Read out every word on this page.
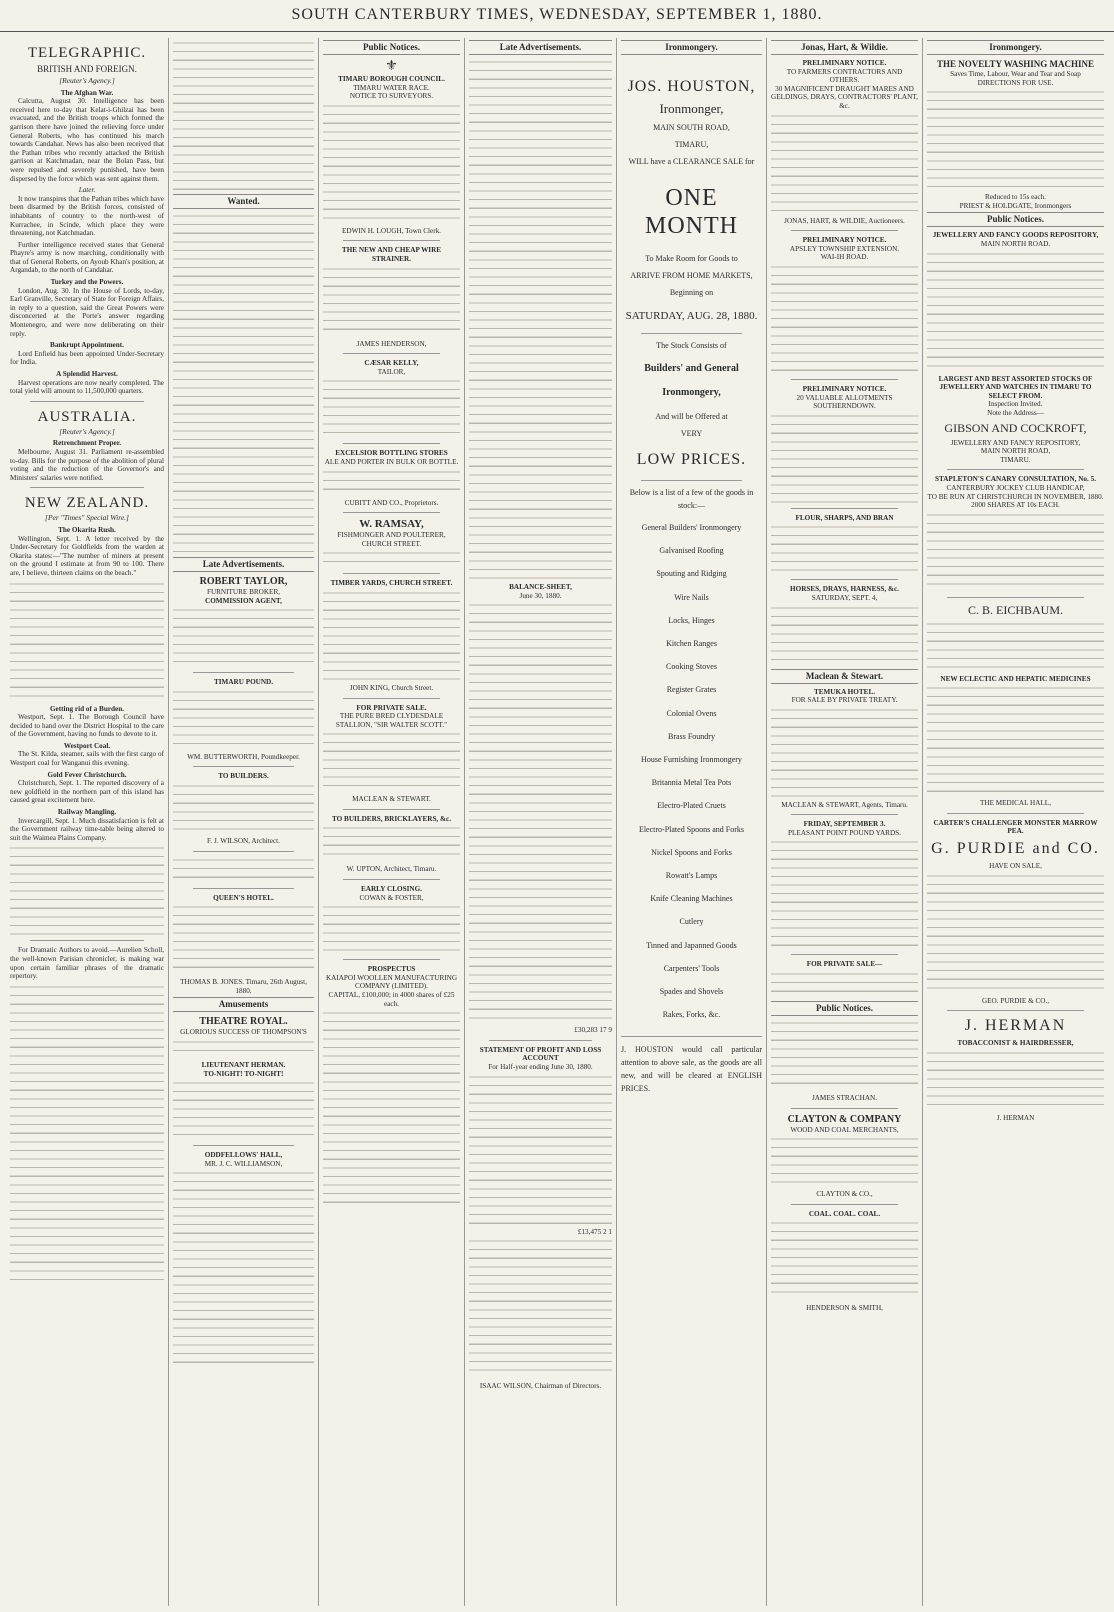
SOUTH CANTERBURY TIMES, WEDNESDAY, SEPTEMBER 1, 1880.
TELEGRAPHIC.
BRITISH AND FOREIGN.
[Reuter's Agency.]
The Afghan War.

Calcutta, August 30. Intelligence has been received here to-day that Kelat-i-Ghilzai has been evacuated, and the British troops which formed the garrison there have joined the relieving force under General Roberts, who has continued his march towards Candahar. News has also been received that the Pathan tribes who recently attacked the British garrison at Katchmadan, near the Bolan Pass, but were repulsed and severely punished, have been dispersed by the force which was sent against them.

Later.

It now transpires that the Pathan tribes which have been disarmed by the British forces, consisted of inhabitants of country to the north-west of Kurrachee, in Scinde, which place they were threatening, not Katchmadan.

Further intelligence received states that General Phayre's army is now marching, conditionally with that of General Roberts, on Ayoub Khan's position, at Argandab, to the north of Candahar.

Turkey and the Powers.

London, Aug. 30. In the House of Lords, to-day, Earl Granville, Secretary of State for Foreign Affairs, in reply to a question, said the Great Powers were disconcerted at the Porte's answer regarding Montenegro, and were now deliberating on their reply.

Bankrupt Appointment.

Lord Enfield has been appointed Under-Secretary for India.

A Splendid Harvest.

Harvest operations are now nearly completed. The total yield will amount to 11,500,000 quarters.

AUSTRALIA.
[Reuter's Agency.]
Retrenchment Proper.

Melbourne, August 31. Parliament re-assembled to-day. Bills for the purpose of the abolition of plural voting and the reduction of the Governor's and Ministers' salaries were notified.

NEW ZEALAND.
[Per "Times" Special Wire.]
The Okarita Rush.

Wellington, Sept. 1. A letter received by the Under-Secretary for Goldfields from the warden at Okarita states:—"The number of miners at present on the ground I estimate at from 90 to 100. There are, I believe, thirteen claims on the beach."

Getting rid of a Burden.

Westport, Sept. 1. The Borough Council have decided to hand over the District Hospital to the care of the Government, having no funds to devote to it.

Westport Coal.

The St. Kilda, steamer, sails with the first cargo of Westport coal for Wanganui this evening.

Gold Fever Christchurch.

Christchurch, Sept. 1. The reported discovery of a new goldfield in the northern part of this island has caused great excitement here.

Railway Mangling.

Invercargill, Sept. 1. Much dissatisfaction is felt at the Government railway time-table being altered to suit the Waimea Plains Company.

For Dramatic Authors to avoid.—Aurelien Scholl, the well-known Parisian chronicler, is making war upon certain familiar phrases of the dramatic repertory.

Wanted.
Late Advertisements.
ROBERT TAYLOR,
FURNITURE BROKER,
COMMISSION AGENT,
TIMARU POUND.
WM. BUTTERWORTH, Poundkeeper.
TO BUILDERS.
F. J. WILSON, Architect.
QUEEN'S HOTEL.
THOMAS B. JONES. Timaru, 26th August, 1880.
Amusements
THEATRE ROYAL.
GLORIOUS SUCCESS OF THOMPSON'S
LIEUTENANT HERMAN.
TO-NIGHT! TO-NIGHT!
ODDFELLOWS' HALL,
MR. J. C. WILLIAMSON,
Public Notices.
⚜
TIMARU BOROUGH COUNCIL.
TIMARU WATER RACE.
NOTICE TO SURVEYORS.
EDWIN H. LOUGH, Town Clerk.
THE NEW AND CHEAP WIRE STRAINER.
JAMES HENDERSON,
CÆSAR KELLY,
TAILOR,
EXCELSIOR BOTTLING STORES
ALE AND PORTER IN BULK OR BOTTLE.
CUBITT AND CO., Proprietors.
W. RAMSAY,
FISHMONGER AND POULTERER, CHURCH STREET.
TIMBER YARDS, CHURCH STREET.
JOHN KING, Church Street.
FOR PRIVATE SALE.
THE PURE BRED CLYDESDALE STALLION, "SIR WALTER SCOTT."
MACLEAN & STEWART.
TO BUILDERS, BRICKLAYERS, &c.
W. UPTON, Architect, Timaru.
EARLY CLOSING.
COWAN & FOSTER,
PROSPECTUS
KAIAPOI WOOLLEN MANUFACTURING COMPANY (LIMITED).
CAPITAL, £100,000; in 4000 shares of £25 each.
Late Advertisements.
BALANCE-SHEET,
June 30, 1880.
£30,283 17 9
STATEMENT OF PROFIT AND LOSS ACCOUNT
For Half-year ending June 30, 1880.
£13,475 2 1
ISAAC WILSON, Chairman of Directors.
Ironmongery.
JOS. HOUSTON,
Ironmonger,
MAIN SOUTH ROAD,
TIMARU,
WILL have a CLEARANCE SALE for
ONE MONTH
To Make Room for Goods to
ARRIVE FROM HOME MARKETS,
Beginning on
SATURDAY, AUG. 28, 1880.
The Stock Consists of
Builders' and General
Ironmongery,
And will be Offered at
VERY
LOW PRICES.
Below is a list of a few of the goods in stock:—
General Builders' Ironmongery
Galvanised Roofing
Spouting and Ridging
Wire Nails
Locks, Hinges
Kitchen Ranges
Cooking Stoves
Register Grates
Colonial Ovens
Brass Foundry
House Furnishing Ironmongery
Britannia Metal Tea Pots
Electro-Plated Cruets
Electro-Plated Spoons and Forks
Nickel Spoons and Forks
Rowatt's Lamps
Knife Cleaning Machines
Cutlery
Tinned and Japanned Goods
Carpenters' Tools
Spades and Shovels
Rakes, Forks, &c.
J. HOUSTON would call particular attention to above sale, as the goods are all new, and will be cleared at ENGLISH PRICES.
Jonas, Hart, & Wildie.
PRELIMINARY NOTICE.
TO FARMERS CONTRACTORS AND OTHERS.
30 MAGNIFICENT DRAUGHT MARES AND GELDINGS, DRAYS, CONTRACTORS' PLANT, &c.
JONAS, HART, & WILDIE, Auctioneers.
PRELIMINARY NOTICE.
APSLEY TOWNSHIP EXTENSION.
WAI-IH ROAD.
PRELIMINARY NOTICE.
20 VALUABLE ALLOTMENTS SOUTHERNDOWN.
FLOUR, SHARPS, AND BRAN
HORSES, DRAYS, HARNESS, &c.
SATURDAY, SEPT. 4,
Maclean & Stewart.
TEMUKA HOTEL.
FOR SALE BY PRIVATE TREATY.
MACLEAN & STEWART, Agents, Timaru.
FRIDAY, SEPTEMBER 3.
PLEASANT POINT POUND YARDS.
FOR PRIVATE SALE—
Public Notices.
JAMES STRACHAN.
CLAYTON & COMPANY
WOOD AND COAL MERCHANTS,
CLAYTON & CO.,
COAL. COAL. COAL.
HENDERSON & SMITH,
Ironmongery.
THE NOVELTY WASHING MACHINE
Saves Time, Labour, Wear and Tear and Soap
DIRECTIONS FOR USE.
Reduced to 15s each.
PRIEST & HOLDGATE, Ironmongers
Public Notices.
JEWELLERY AND FANCY GOODS REPOSITORY,
MAIN NORTH ROAD.
LARGEST AND BEST ASSORTED STOCKS OF JEWELLERY AND WATCHES IN TIMARU TO SELECT FROM.
Inspection Invited.
Note the Address—
GIBSON AND COCKROFT,
JEWELLERY AND FANCY REPOSITORY,
MAIN NORTH ROAD,
TIMARU.
STAPLETON'S CANARY CONSULTATION, No. 5.
CANTERBURY JOCKEY CLUB HANDICAP,
TO BE RUN AT CHRISTCHURCH IN NOVEMBER, 1880.
2000 SHARES AT 10s EACH.
C. B. EICHBAUM.
NEW ECLECTIC AND HEPATIC MEDICINES
THE MEDICAL HALL,
CARTER'S CHALLENGER MONSTER MARROW PEA.
G. PURDIE and CO.
HAVE ON SALE,
GEO. PURDIE & CO.,
J. HERMAN
TOBACCONIST & HAIRDRESSER,
J. HERMAN
